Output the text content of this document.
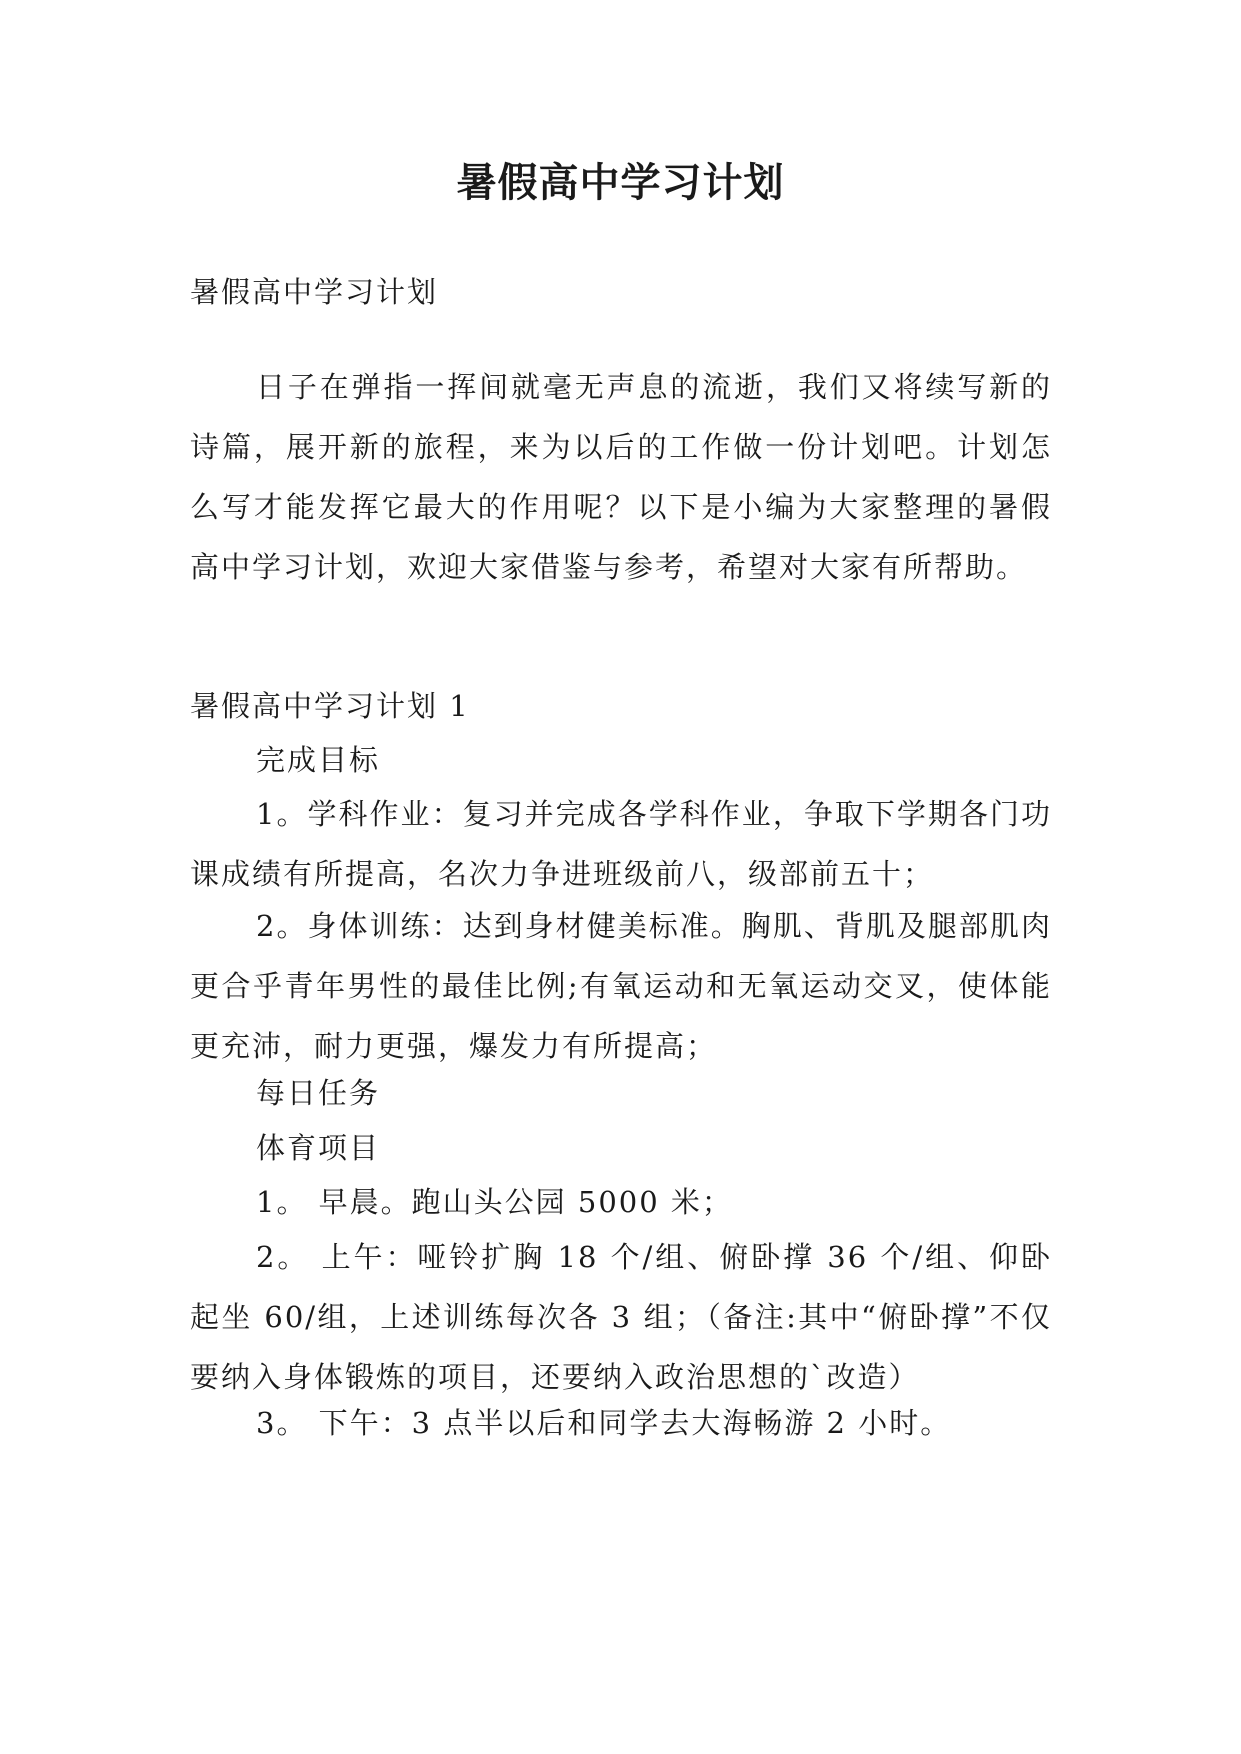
暑假高中学习计划

暑假高中学习计划

日子在弹指一挥间就毫无声息的流逝，我们又将续写新的诗篇，展开新的旅程，来为以后的工作做一份计划吧。计划怎么写才能发挥它最大的作用呢？以下是小编为大家整理的暑假高中学习计划，欢迎大家借鉴与参考，希望对大家有所帮助。

暑假高中学习计划 1

完成目标

1。学科作业：复习并完成各学科作业，争取下学期各门功课成绩有所提高，名次力争进班级前八，级部前五十；

2。身体训练：达到身材健美标准。胸肌、背肌及腿部肌肉更合乎青年男性的最佳比例;有氧运动和无氧运动交叉，使体能更充沛，耐力更强，爆发力有所提高；

每日任务

体育项目

1。 早晨。跑山头公园 5000 米；

2。 上午：哑铃扩胸 18 个/组、俯卧撑 36 个/组、仰卧起坐 60/组，上述训练每次各 3 组；（备注:其中“俯卧撑”不仅要纳入身体锻炼的项目，还要纳入政治思想的`改造）

3。 下午：3 点半以后和同学去大海畅游 2 小时。
